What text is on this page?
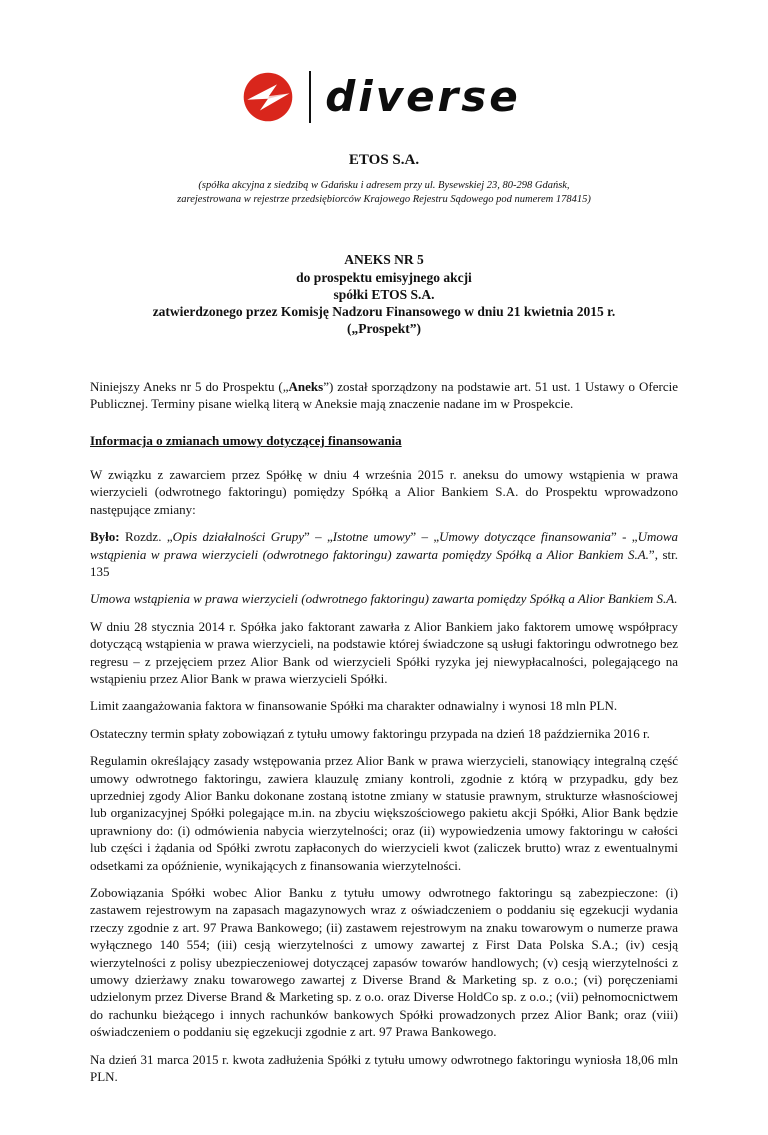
diverse
ETOS S.A.
(spółka akcyjna z siedzibą w Gdańsku i adresem przy ul. Bysewskiej 23, 80-298 Gdańsk,
zarejestrowana w rejestrze przedsiębiorców Krajowego Rejestru Sądowego pod numerem 178415)
ANEKS NR 5
do prospektu emisyjnego akcji
spółki ETOS S.A.
zatwierdzonego przez Komisję Nadzoru Finansowego w dniu 21 kwietnia 2015 r.
(„Prospekt”)

Niniejszy Aneks nr 5 do Prospektu („Aneks”) został sporządzony na podstawie art. 51 ust. 1 Ustawy o Ofercie Publicznej. Terminy pisane wielką literą w Aneksie mają znaczenie nadane im w Prospekcie.

Informacja o zmianach umowy dotyczącej finansowania

W związku z zawarciem przez Spółkę w dniu 4 września 2015 r. aneksu do umowy wstąpienia w prawa wierzycieli (odwrotnego faktoringu) pomiędzy Spółką a Alior Bankiem S.A. do Prospektu wprowadzono następujące zmiany:

Było: Rozdz. „Opis działalności Grupy” – „Istotne umowy” – „Umowy dotyczące finansowania” - „Umowa wstąpienia w prawa wierzycieli (odwrotnego faktoringu) zawarta pomiędzy Spółką a Alior Bankiem S.A.”, str. 135

Umowa wstąpienia w prawa wierzycieli (odwrotnego faktoringu) zawarta pomiędzy Spółką a Alior Bankiem S.A.

W dniu 28 stycznia 2014 r. Spółka jako faktorant zawarła z Alior Bankiem jako faktorem umowę współpracy dotyczącą wstąpienia w prawa wierzycieli, na podstawie której świadczone są usługi faktoringu odwrotnego bez regresu – z przejęciem przez Alior Bank od wierzycieli Spółki ryzyka jej niewypłacalności, polegającego na wstąpieniu przez Alior Bank w prawa wierzycieli Spółki.

Limit zaangażowania faktora w finansowanie Spółki ma charakter odnawialny i wynosi 18 mln PLN.

Ostateczny termin spłaty zobowiązań z tytułu umowy faktoringu przypada na dzień 18 października 2016 r.

Regulamin określający zasady wstępowania przez Alior Bank w prawa wierzycieli, stanowiący integralną część umowy odwrotnego faktoringu, zawiera klauzulę zmiany kontroli, zgodnie z którą w przypadku, gdy bez uprzedniej zgody Alior Banku dokonane zostaną istotne zmiany w statusie prawnym, strukturze własnościowej lub organizacyjnej Spółki polegające m.in. na zbyciu większościowego pakietu akcji Spółki, Alior Bank będzie uprawniony do: (i) odmówienia nabycia wierzytelności; oraz (ii) wypowiedzenia umowy faktoringu w całości lub części i żądania od Spółki zwrotu zapłaconych do wierzycieli kwot (zaliczek brutto) wraz z ewentualnymi odsetkami za opóźnienie, wynikających z finansowania wierzytelności.

Zobowiązania Spółki wobec Alior Banku z tytułu umowy odwrotnego faktoringu są zabezpieczone: (i) zastawem rejestrowym na zapasach magazynowych wraz z oświadczeniem o poddaniu się egzekucji wydania rzeczy zgodnie z art. 97 Prawa Bankowego; (ii) zastawem rejestrowym na znaku towarowym o numerze prawa wyłącznego 140 554; (iii) cesją wierzytelności z umowy zawartej z First Data Polska S.A.; (iv) cesją wierzytelności z polisy ubezpieczeniowej dotyczącej zapasów towarów handlowych; (v) cesją wierzytelności z umowy dzierżawy znaku towarowego zawartej z Diverse Brand & Marketing sp. z o.o.; (vi) poręczeniami udzielonym przez Diverse Brand & Marketing sp. z o.o. oraz Diverse HoldCo sp. z o.o.; (vii) pełnomocnictwem do rachunku bieżącego i innych rachunków bankowych Spółki prowadzonych przez Alior Bank; oraz (viii) oświadczeniem o poddaniu się egzekucji zgodnie z art. 97 Prawa Bankowego.

Na dzień 31 marca 2015 r. kwota zadłużenia Spółki z tytułu umowy odwrotnego faktoringu wyniosła 18,06 mln PLN.
